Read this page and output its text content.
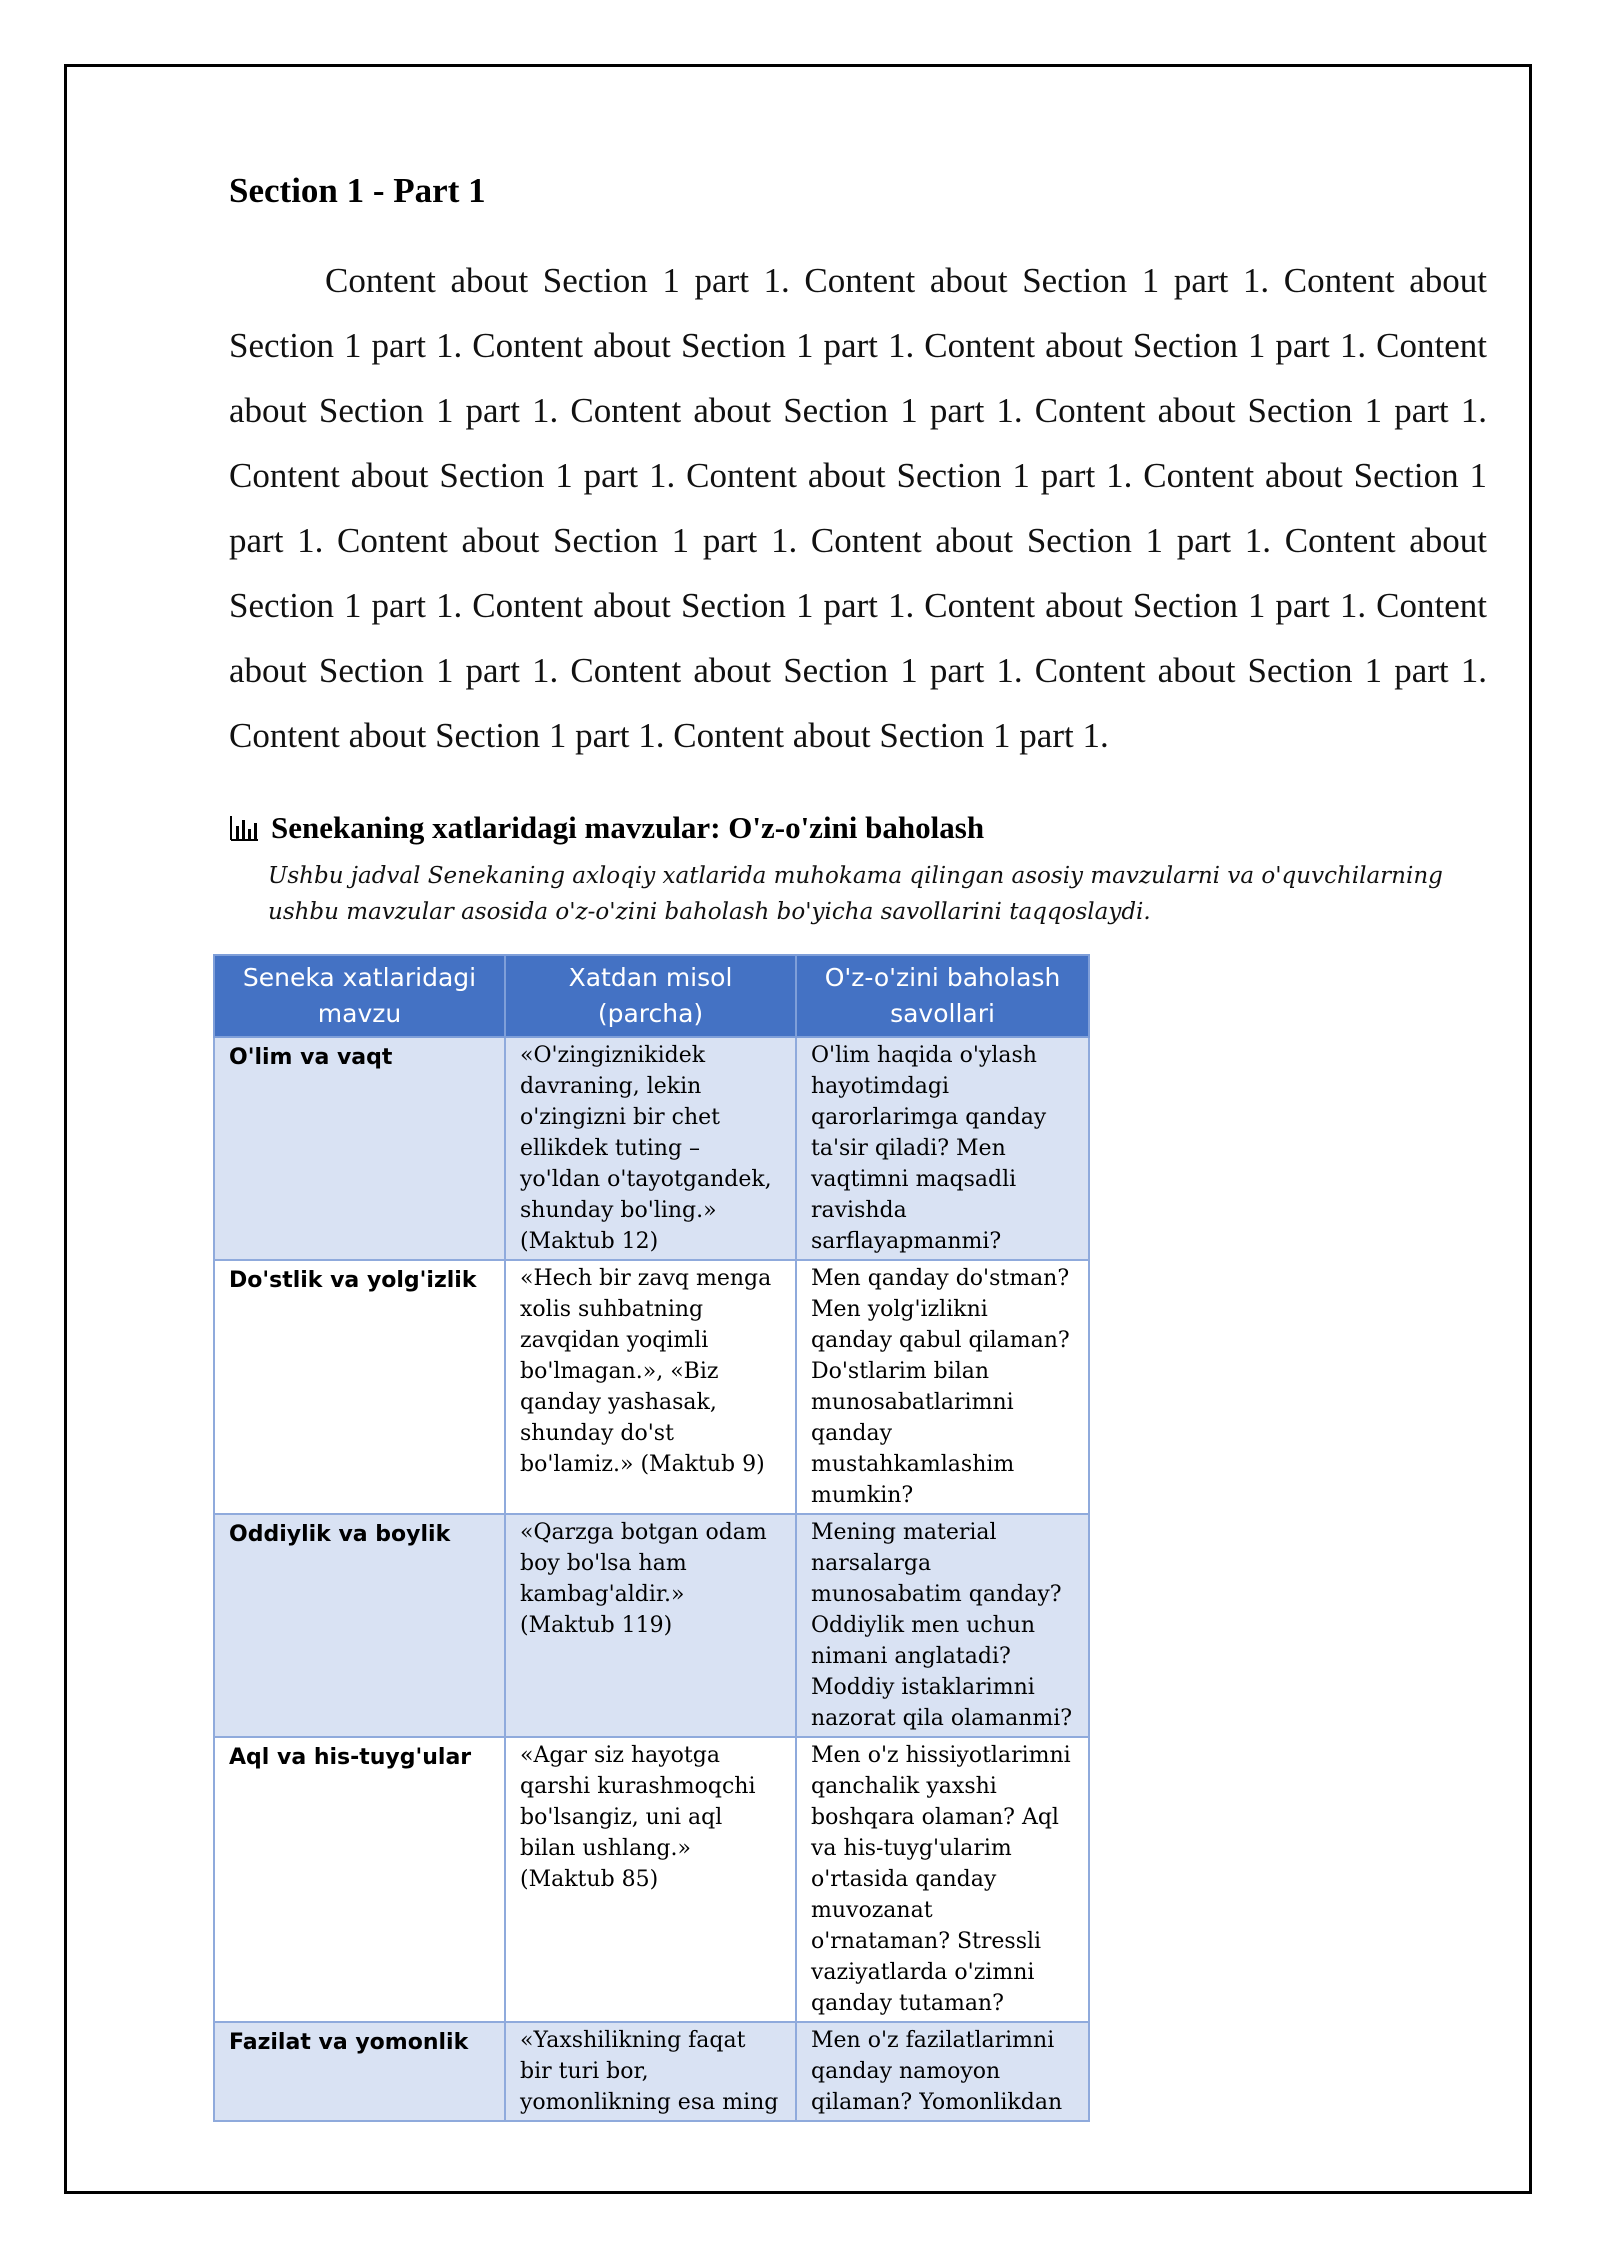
Section 1 - Part 1

Content about Section 1 part 1. Content about Section 1 part 1. Content about Section 1 part 1. Content about Section 1 part 1. Content about Section 1 part 1. Content about Section 1 part 1. Content about Section 1 part 1. Content about Section 1 part 1. Content about Section 1 part 1. Content about Section 1 part 1. Content about Section 1 part 1. Content about Section 1 part 1. Content about Section 1 part 1. Content about Section 1 part 1. Content about Section 1 part 1. Content about Section 1 part 1. Content about Section 1 part 1. Content about Section 1 part 1. Content about Section 1 part 1. Content about Section 1 part 1. Content about Section 1 part 1.

Senekaning xatlaridagi mavzular: O'z-o'zini baholash
Ushbu jadval Senekaning axloqiy xatlarida muhokama qilingan asosiy mavzularni va o'quvchilarning ushbu mavzular asosida o'z-o'zini baholash bo'yicha savollarini taqqoslaydi.
Seneka xatlaridagi mavzu	Xatdan misol (parcha)	O'z-o'zini baholash savollari
O'lim va vaqt	«O'zingiznikidek davraning, lekin o'zingizni bir chet ellikdek tuting – yo'ldan o'tayotgandek, shunday bo'ling.» (Maktub 12)	O'lim haqida o'ylash hayotimdagi qarorlarimga qanday ta'sir qiladi? Men vaqtimni maqsadli ravishda sarflayapmanmi?
Do'stlik va yolg'izlik	«Hech bir zavq menga xolis suhbatning zavqidan yoqimli bo'lmagan.», «Biz qanday yashasak, shunday do'st bo'lamiz.» (Maktub 9)	Men qanday do'stman? Men yolg'izlikni qanday qabul qilaman? Do'stlarim bilan munosabatlarimni qanday mustahkamlashim mumkin?
Oddiylik va boylik	«Qarzga botgan odam boy bo'lsa ham kambag'aldir.» (Maktub 119)	Mening material narsalarga munosabatim qanday? Oddiylik men uchun nimani anglatadi? Moddiy istaklarimni nazorat qila olamanmi?
Aql va his-tuyg'ular	«Agar siz hayotga qarshi kurashmoqchi bo'lsangiz, uni aql bilan ushlang.» (Maktub 85)	Men o'z hissiyotlarimni qanchalik yaxshi boshqara olaman? Aql va his-tuyg'ularim o'rtasida qanday muvozanat o'rnataman? Stressli vaziyatlarda o'zimni qanday tutaman?
Fazilat va yomonlik	«Yaxshilikning faqat bir turi bor, yomonlikning esa ming	Men o'z fazilatlarimni qanday namoyon qilaman? Yomonlikdan
